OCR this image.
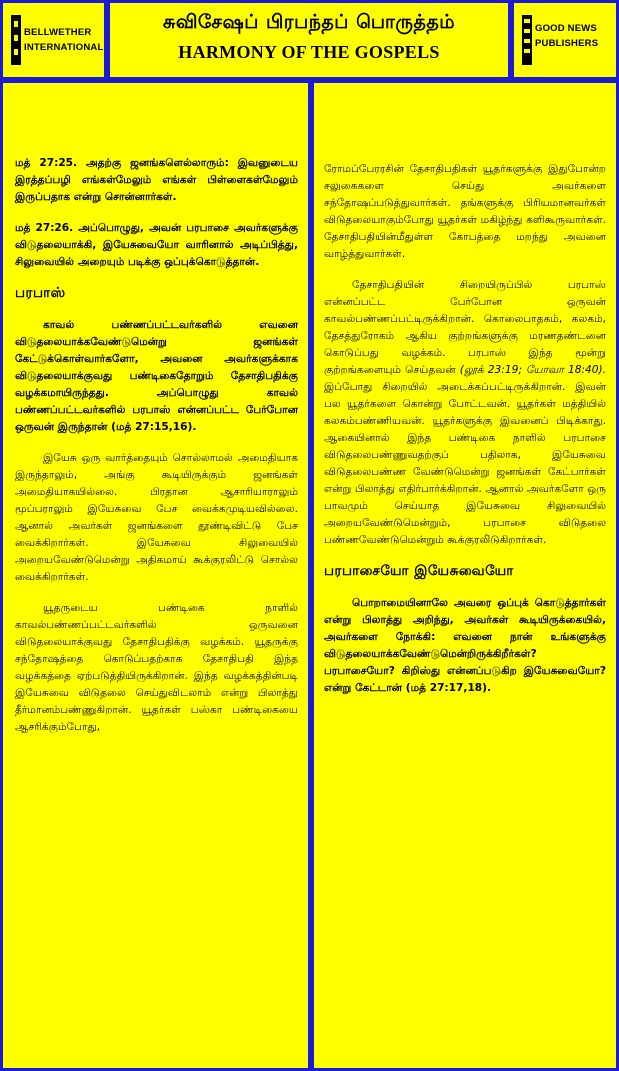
BELLWETHER
INTERNATIONAL
சுவிசேஷப் பிரபந்தப் பொருத்தம்
HARMONY OF THE GOSPELS
GOOD NEWS
PUBLISHERS

மத் 27:25. அதற்கு ஜனங்களெல்லாரும்: இவனுடைய இரத்தப்பழி எங்கள்மேலும் எங்கள் பிள்ளைகள்மேலும் இருப்பதாக என்று சொன்னார்கள்.

மத் 27:26. அப்பொழுது, அவன் பரபாசை அவர்களுக்கு விடுதலையாக்கி, இயேசுவையோ வாரினால் அடிப்பித்து, சிலுவையில் அறையும் படிக்கு ஒப்புக்கொடுத்தான்.

பரபாஸ்

காவல் பண்ணப்பட்டவர்களில் எவனை விடுதலையாக்கவேண்டுமென்று ஜனங்கள் கேட்டுக்கொள்வார்களோ, அவனை அவர்களுக்காக விடுதலையாக்குவது பண்டிகைதோறும் தேசாதிபதிக்கு வழக்கமாயிருந்தது. அப்பொழுது காவல் பண்ணப்பட்டவர்களில் பரபாஸ் என்னப்பட்ட பேர்போன ஒருவன் இருந்தான் (மத் 27:15,16).

இயேசு ஒரு வார்த்தையும் சொல்லாமல் அமைதியாக இருந்தாலும், அங்கு கூடியிருக்கும் ஜனங்கள் அமைதியாகயில்லை. பிரதான ஆசாரியாராலும் மூப்பராலும் இயேசுவை பேச வைக்கமுடியவில்லை. ஆனால் அவர்கள் ஜனங்களை தூண்டிவிட்டு பேச வைக்கிறார்கள். இயேசுவை சிலுவையில் அறையவேண்டுமென்று அதிகமாய் கூக்குரலிட்டு சொல்ல வைக்கிறார்கள்.

யூதருடைய பண்டிகை நாளில் காவல்பண்ணப்பட்டவர்களில் ஒருவனை விடுதலையாக்குவது தேசாதிபதிக்கு வழக்கம். யூதருக்கு சந்தோஷத்தை கொடுப்பதற்காக தேசாதிபதி இந்த வழக்கத்தை ஏற்படுத்தியிருக்கிறான். இந்த வழக்கத்தின்படி இயேசுவை விடுதலை செய்துவிடலாம் என்று பிலாத்து தீர்மானம்பண்ணுகிறான். யூதர்கள் பஸ்கா பண்டிகையை ஆசரிக்கும்போது,

ரோமப்பேரரசின் தேசாதிபதிகள் யூதர்களுக்கு இதுபோன்ற சலுகைகளை செய்து அவர்களை சந்தோஷப்படுத்துவார்கள். தங்களுக்கு பிரியமானவர்கள் விடுதலையாகும்போது யூதர்கள் மகிழ்ந்து களிகூருவார்கள். தேசாதிபதியின்மீதுள்ள கோபத்தை மறந்து அவனை வாழ்த்துவார்கள்.

தேசாதிபதியின் சிறையிருப்பில் பரபாஸ் என்னப்பட்ட பேர்போன ஒருவன் காவல்பண்ணப்பட்டிருக்கிறான். கொலைபாதகம், கலகம், தேசத்துரோகம் ஆகிய குற்றங்களுக்கு மரணதண்டனை கொடுப்பது வழக்கம். பரபாஸ் இந்த மூன்று குற்றங்களையும் செய்தவன் (லூக் 23:19; யோவா 18:40). இப்போது சிறையில் அடைக்கப்பட்டிருக்கிறான். இவன் பல யூதர்களை கொன்று போட்டவன். யூதர்கள் மத்தியில் கலகம்பண்ணியவன். யூதர்களுக்கு இவனைப் பிடிக்காது. ஆகையினால் இந்த பண்டிகை நாளில் பரபாசை விடுதலைபண்ணுவதற்குப் பதிலாக, இயேசுவை விடுதலைபண்ண வேண்டுமென்று ஜனங்கள் கேட்பார்கள் என்று பிலாத்து எதிர்பார்க்கிறான். ஆனால் அவர்களோ ஒரு பாவமும் செய்யாத இயேசுவை சிலுவையில் அறையவேண்டுமென்றும், பரபாசை விடுதலை பண்ணவேண்டுமென்றும் கூக்குரலிடுகிறார்கள்.

பரபாசையோ இயேசுவையோ

பொறாமையினாலே அவரை ஒப்புக் கொடுத்தார்கள் என்று பிலாத்து அறிந்து, அவர்கள் கூடியிருக்கையில், அவர்களை நோக்கி: எவனை நான் உங்களுக்கு விடுதலையாக்கவேண்டுமென்றிருக்கிறீர்கள்? பரபாசையோ? கிறிஸ்து என்னப்படுகிற இயேசுவையோ? என்று கேட்டான் (மத் 27:17,18).
